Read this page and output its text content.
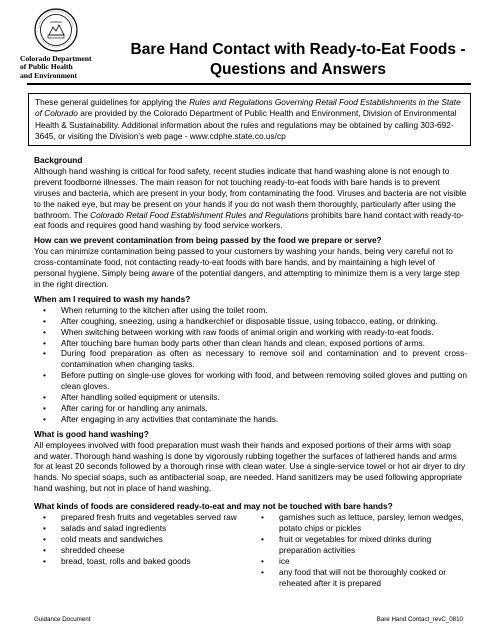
Colorado Department
of Public Health
and Environment
Bare Hand Contact with Ready-to-Eat Foods -
Questions and Answers
These general guidelines for applying the Rules and Regulations Governing Retail Food Establishments in the State of Colorado are provided by the Colorado Department of Public Health and Environment, Division of Environmental Health & Sustainability. Additional information about the rules and regulations may be obtained by calling 303-692-3645, or visiting the Division’s web page - www.cdphe.state.co.us/cp
Background
Although hand washing is critical for food safety, recent studies indicate that hand washing alone is not enough to prevent foodborne illnesses. The main reason for not touching ready-to-eat foods with bare hands is to prevent viruses and bacteria, which are present in your body, from contaminating the food. Viruses and bacteria are not visible to the naked eye, but may be present on your hands if you do not wash them thoroughly, particularly after using the bathroom. The Colorado Retail Food Establishment Rules and Regulations prohibits bare hand contact with ready-to-eat foods and requires good hand washing by food service workers.
How can we prevent contamination from being passed by the food we prepare or serve?
You can minimize contamination being passed to your customers by washing your hands, being very careful not to cross-contaminate food, not contacting ready-to-eat foods with bare hands, and by maintaining a high level of personal hygiene. Simply being aware of the potential dangers, and attempting to minimize them is a very large step in the right direction.
When am I required to wash my hands?
• When returning to the kitchen after using the toilet room.
• After coughing, sneezing, using a handkerchief or disposable tissue, using tobacco, eating, or drinking.
• When switching between working with raw foods of animal origin and working with ready-to-eat foods.
• After touching bare human body parts other than clean hands and clean, exposed portions of arms.
• During food preparation as often as necessary to remove soil and contamination and to prevent cross-contamination when changing tasks.
• Before putting on single-use gloves for working with food, and between removing soiled gloves and putting on clean gloves.
• After handling soiled equipment or utensils.
• After caring for or handling any animals.
• After engaging in any activities that contaminate the hands.
What is good hand washing?
All employees involved with food preparation must wash their hands and exposed portions of their arms with soap and water. Thorough hand washing is done by vigorously rubbing together the surfaces of lathered hands and arms for at least 20 seconds followed by a thorough rinse with clean water. Use a single-service towel or hot air dryer to dry hands. No special soaps, such as antibacterial soap, are needed. Hand sanitizers may be used following appropriate hand washing, but not in place of hand washing.
What kinds of foods are considered ready-to-eat and may not be touched with bare hands?
• prepared fresh fruits and vegetables served raw
• salads and salad ingredients
• cold meats and sandwiches
• shredded cheese
• bread, toast, rolls and baked goods
• garnishes such as lettuce, parsley, lemon wedges, potato chips or pickles
• fruit or vegetables for mixed drinks during preparation activities
• ice
• any food that will not be thoroughly cooked or reheated after it is prepared
Guidance Document	Bare Hand Contact_revC_0810
